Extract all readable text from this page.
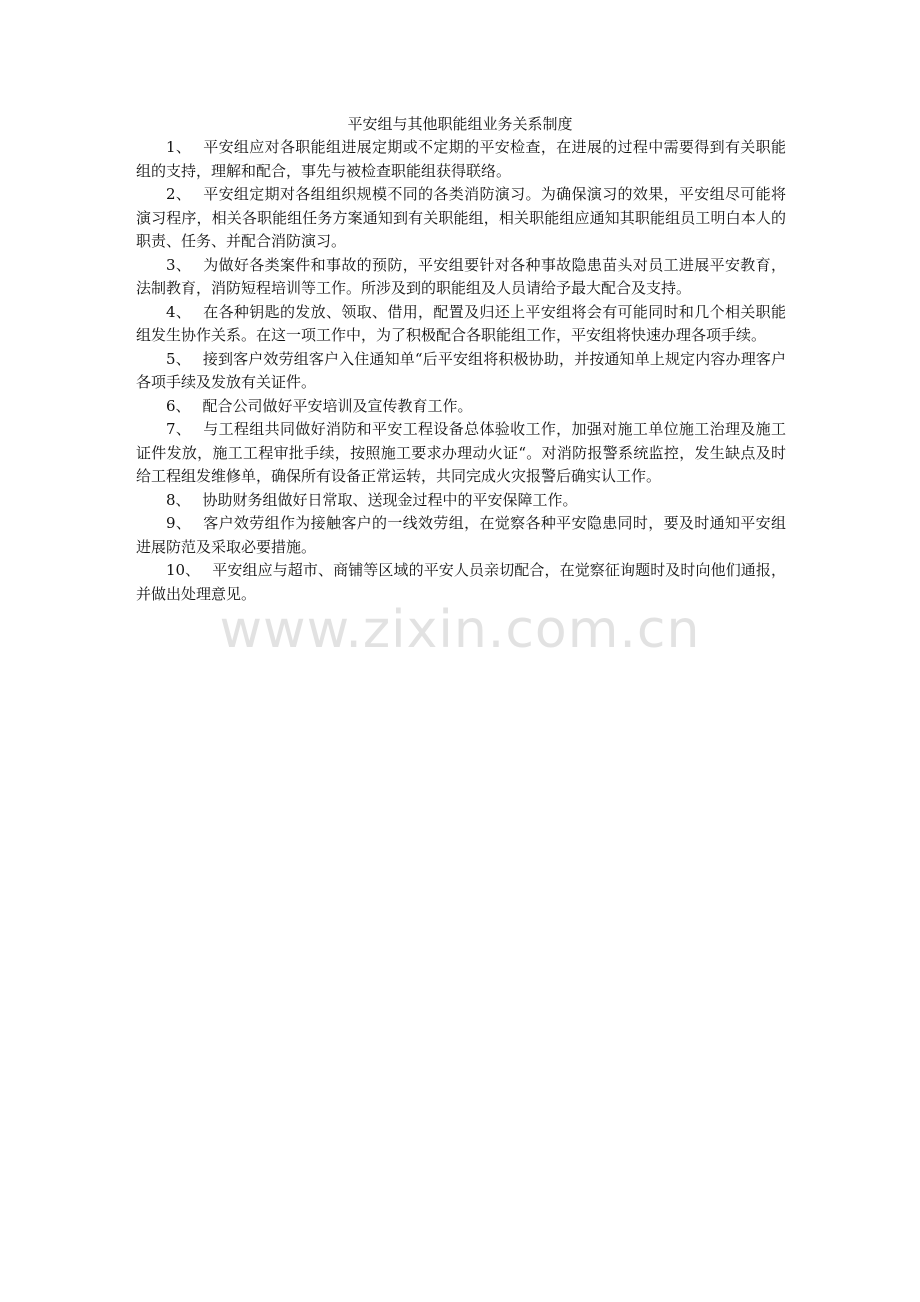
平安组与其他职能组业务关系制度

1、 平安组应对各职能组进展定期或不定期的平安检查，在进展的过程中需要得到有关职能组的支持，理解和配合，事先与被检查职能组获得联络。

2、 平安组定期对各组组织规模不同的各类消防演习。为确保演习的效果，平安组尽可能将演习程序，相关各职能组任务方案通知到有关职能组，相关职能组应通知其职能组员工明白本人的职责、任务、并配合消防演习。

3、 为做好各类案件和事故的预防，平安组要针对各种事故隐患苗头对员工进展平安教育，法制教育，消防短程培训等工作。所涉及到的职能组及人员请给予最大配合及支持。

4、 在各种钥匙的发放、领取、借用，配置及归还上平安组将会有可能同时和几个相关职能组发生协作关系。在这一项工作中，为了积极配合各职能组工作，平安组将快速办理各项手续。

5、 接到客户效劳组客户入住通知单“后平安组将积极协助，并按通知单上规定内容办理客户各项手续及发放有关证件。

6、 配合公司做好平安培训及宣传教育工作。

7、 与工程组共同做好消防和平安工程设备总体验收工作，加强对施工单位施工治理及施工证件发放，施工工程审批手续，按照施工要求办理动火证“。对消防报警系统监控，发生缺点及时给工程组发维修单，确保所有设备正常运转，共同完成火灾报警后确实认工作。

8、 协助财务组做好日常取、送现金过程中的平安保障工作。

9、 客户效劳组作为接触客户的一线效劳组，在觉察各种平安隐患同时，要及时通知平安组进展防范及采取必要措施。

10、 平安组应与超市、商铺等区域的平安人员亲切配合，在觉察征询题时及时向他们通报，并做出处理意见。

www.zixin.com.cn
